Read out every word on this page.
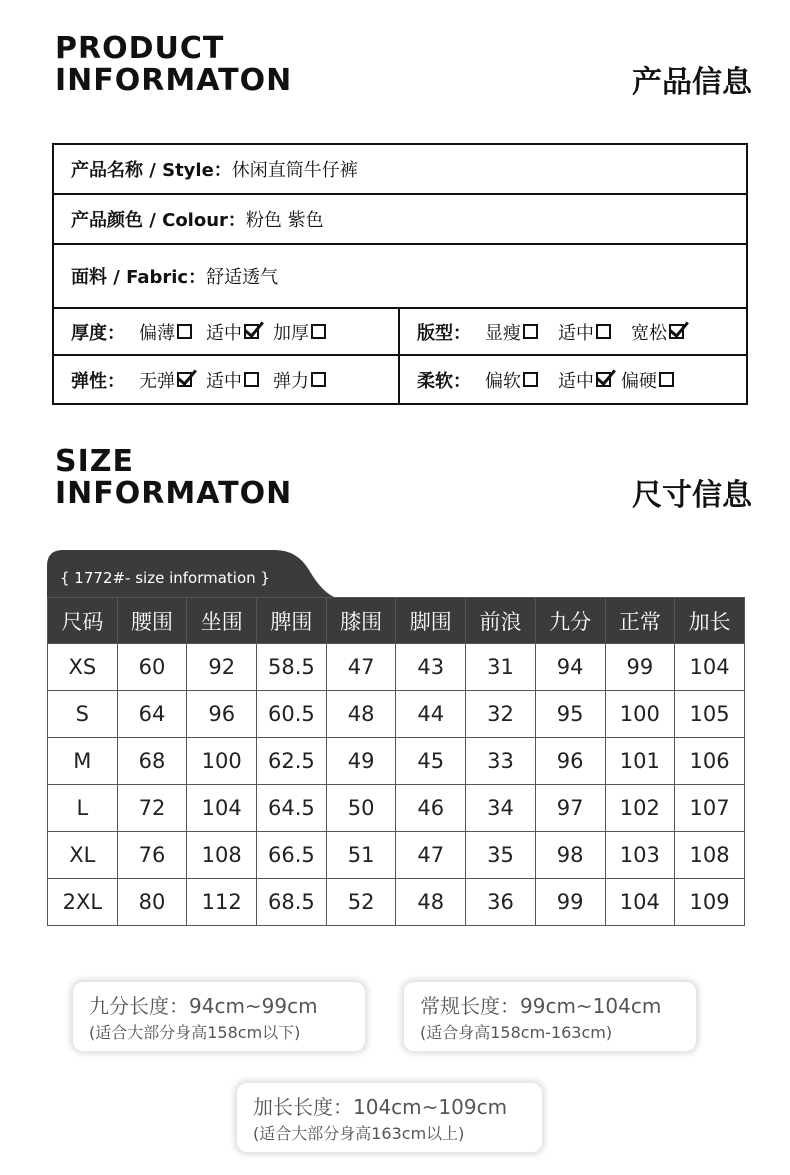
PRODUCT
INFORMATON	产品信息
产品名称 / Style： 休闲直筒牛仔裤
产品颜色 / Colour： 粉色 紫色
面料 / Fabric： 舒适透气
厚度： 偏薄 适中 加厚	版型： 显瘦 适中 宽松
弹性： 无弹 适中 弹力	柔软： 偏软 适中 偏硬
SIZE
INFORMATON	尺寸信息
{ 1772#- size information }
尺码	腰围	坐围	脾围	膝围	脚围	前浪	九分	正常	加长
XS	60	92	58.5	47	43	31	94	99	104
S	64	96	60.5	48	44	32	95	100	105
M	68	100	62.5	49	45	33	96	101	106
L	72	104	64.5	50	46	34	97	102	107
XL	76	108	66.5	51	47	35	98	103	108
2XL	80	112	68.5	52	48	36	99	104	109
九分长度：94cm~99cm
(适合大部分身高158cm以下)
常规长度：99cm~104cm
(适合身高158cm-163cm)
加长长度：104cm~109cm
(适合大部分身高163cm以上)
